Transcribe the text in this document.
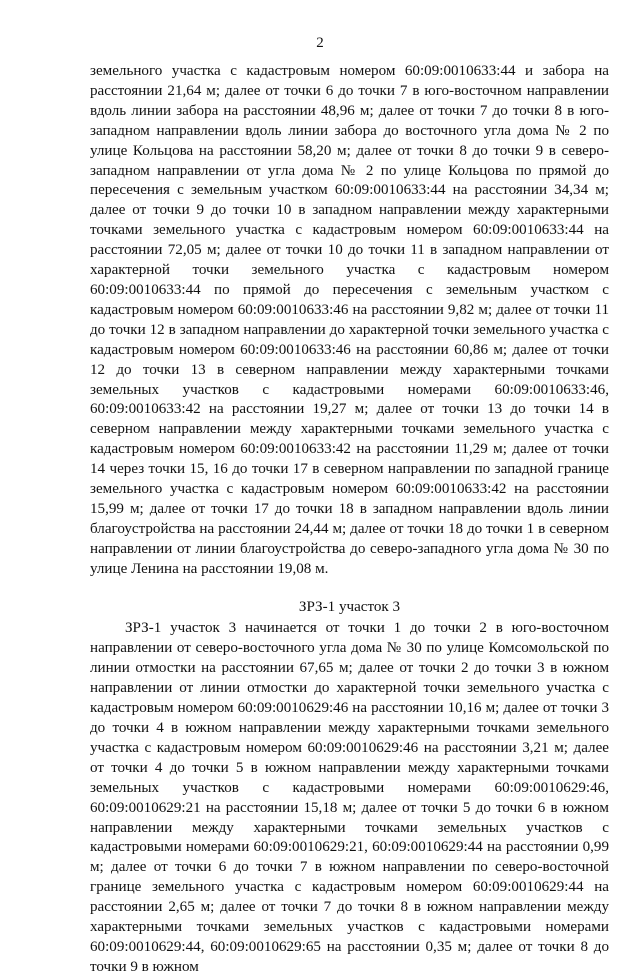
2

земельного участка с кадастровым номером 60:09:0010633:44 и забора на расстоянии 21,64 м; далее от точки 6 до точки 7 в юго-восточном направлении вдоль линии забора на расстоянии 48,96 м; далее от точки 7 до точки 8 в юго-западном направлении вдоль линии забора до восточного угла дома № 2 по улице Кольцова на расстоянии 58,20 м; далее от точки 8 до точки 9 в северо-западном направлении от угла дома № 2 по улице Кольцова по прямой до пересечения с земельным участком 60:09:0010633:44 на расстоянии 34,34 м; далее от точки 9 до точки 10 в западном направлении между характерными точками земельного участка с кадастровым номером 60:09:0010633:44 на расстоянии 72,05 м; далее от точки 10 до точки 11 в западном направлении от характерной точки земельного участка с кадастровым номером 60:09:0010633:44 по прямой до пересечения с земельным участком с кадастровым номером 60:09:0010633:46 на расстоянии 9,82 м; далее от точки 11 до точки 12 в западном направлении до характерной точки земельного участка с кадастровым номером 60:09:0010633:46 на расстоянии 60,86 м; далее от точки 12 до точки 13 в северном направлении между характерными точками земельных участков с кадастровыми номерами 60:09:0010633:46, 60:09:0010633:42 на расстоянии 19,27 м; далее от точки 13 до точки 14 в северном направлении между характерными точками земельного участка с кадастровым номером 60:09:0010633:42 на расстоянии 11,29 м; далее от точки 14 через точки 15, 16 до точки 17 в северном направлении по западной границе земельного участка с кадастровым номером 60:09:0010633:42 на расстоянии 15,99 м; далее от точки 17 до точки 18 в западном направлении вдоль линии благоустройства на расстоянии 24,44 м; далее от точки 18 до точки 1 в северном направлении от линии благоустройства до северо-западного угла дома № 30 по улице Ленина на расстоянии 19,08 м.

ЗРЗ-1 участок 3

ЗРЗ-1 участок 3 начинается от точки 1 до точки 2 в юго-восточном направлении от северо-восточного угла дома № 30 по улице Комсомольской по линии отмостки на расстоянии 67,65 м; далее от точки 2 до точки 3 в южном направлении от линии отмостки до характерной точки земельного участка с кадастровым номером 60:09:0010629:46 на расстоянии 10,16 м; далее от точки 3 до точки 4 в южном направлении между характерными точками земельного участка с кадастровым номером 60:09:0010629:46 на расстоянии 3,21 м; далее от точки 4 до точки 5 в южном направлении между характерными точками земельных участков с кадастровыми номерами 60:09:0010629:46, 60:09:0010629:21 на расстоянии 15,18 м; далее от точки 5 до точки 6 в южном направлении между характерными точками земельных участков с кадастровыми номерами 60:09:0010629:21, 60:09:0010629:44 на расстоянии 0,99 м; далее от точки 6 до точки 7 в южном направлении по северо-восточной границе земельного участка с кадастровым номером 60:09:0010629:44 на расстоянии 2,65 м; далее от точки 7 до точки 8 в южном направлении между характерными точками земельных участков с кадастровыми номерами 60:09:0010629:44, 60:09:0010629:65 на расстоянии 0,35 м; далее от точки 8 до точки 9 в южном
